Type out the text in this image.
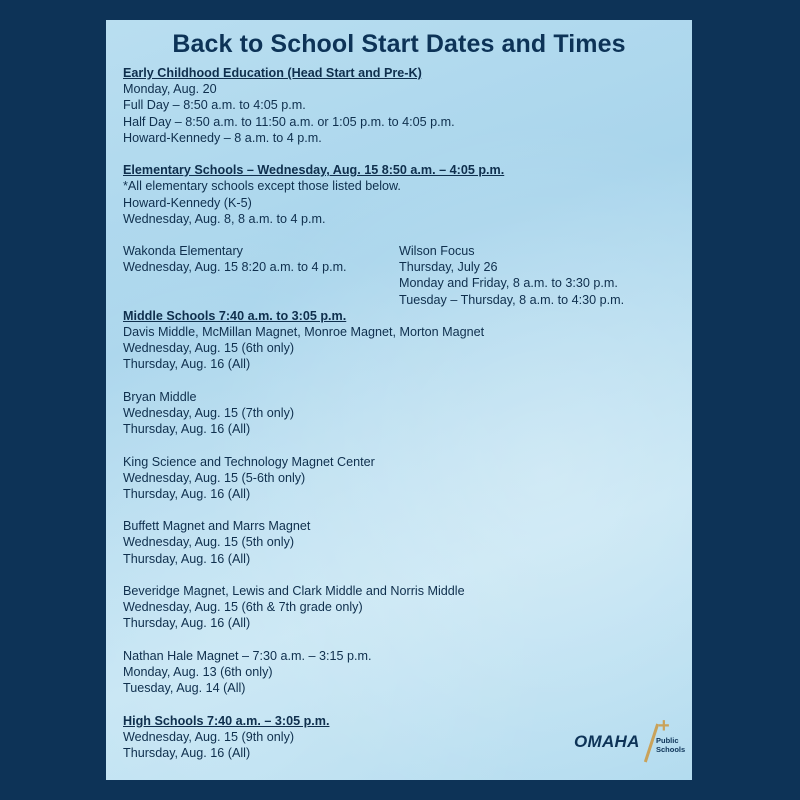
Back to School Start Dates and Times
Early Childhood Education (Head Start and Pre-K)
Monday, Aug. 20
Full Day – 8:50 a.m. to 4:05 p.m.
Half Day – 8:50 a.m. to 11:50 a.m. or 1:05 p.m. to 4:05 p.m.
Howard-Kennedy – 8 a.m. to 4 p.m.
Elementary Schools – Wednesday, Aug. 15 8:50 a.m. – 4:05 p.m.
*All elementary schools except those listed below.
Howard-Kennedy (K-5)
Wednesday, Aug. 8, 8 a.m. to 4 p.m.
Wakonda Elementary
Wednesday, Aug. 15 8:20 a.m. to 4 p.m.
Wilson Focus
Thursday, July 26
Monday and Friday, 8 a.m. to 3:30 p.m.
Tuesday – Thursday, 8 a.m. to 4:30 p.m.
Middle Schools 7:40 a.m. to 3:05 p.m.
Davis Middle, McMillan Magnet, Monroe Magnet, Morton Magnet
Wednesday, Aug. 15 (6th only)
Thursday, Aug. 16 (All)
Bryan Middle
Wednesday, Aug. 15 (7th only)
Thursday, Aug. 16 (All)
King Science and Technology Magnet Center
Wednesday, Aug. 15 (5-6th only)
Thursday, Aug. 16 (All)
Buffett Magnet and Marrs Magnet
Wednesday, Aug. 15 (5th only)
Thursday, Aug. 16 (All)
Beveridge Magnet, Lewis and Clark Middle and Norris Middle
Wednesday, Aug. 15 (6th & 7th grade only)
Thursday, Aug. 16 (All)
Nathan Hale Magnet – 7:30 a.m. – 3:15 p.m.
Monday, Aug. 13 (6th only)
Tuesday, Aug. 14 (All)
High Schools 7:40 a.m. – 3:05 p.m.
Wednesday, Aug. 15 (9th only)
Thursday, Aug. 16 (All)
OMAHA
+
Public
Schools
